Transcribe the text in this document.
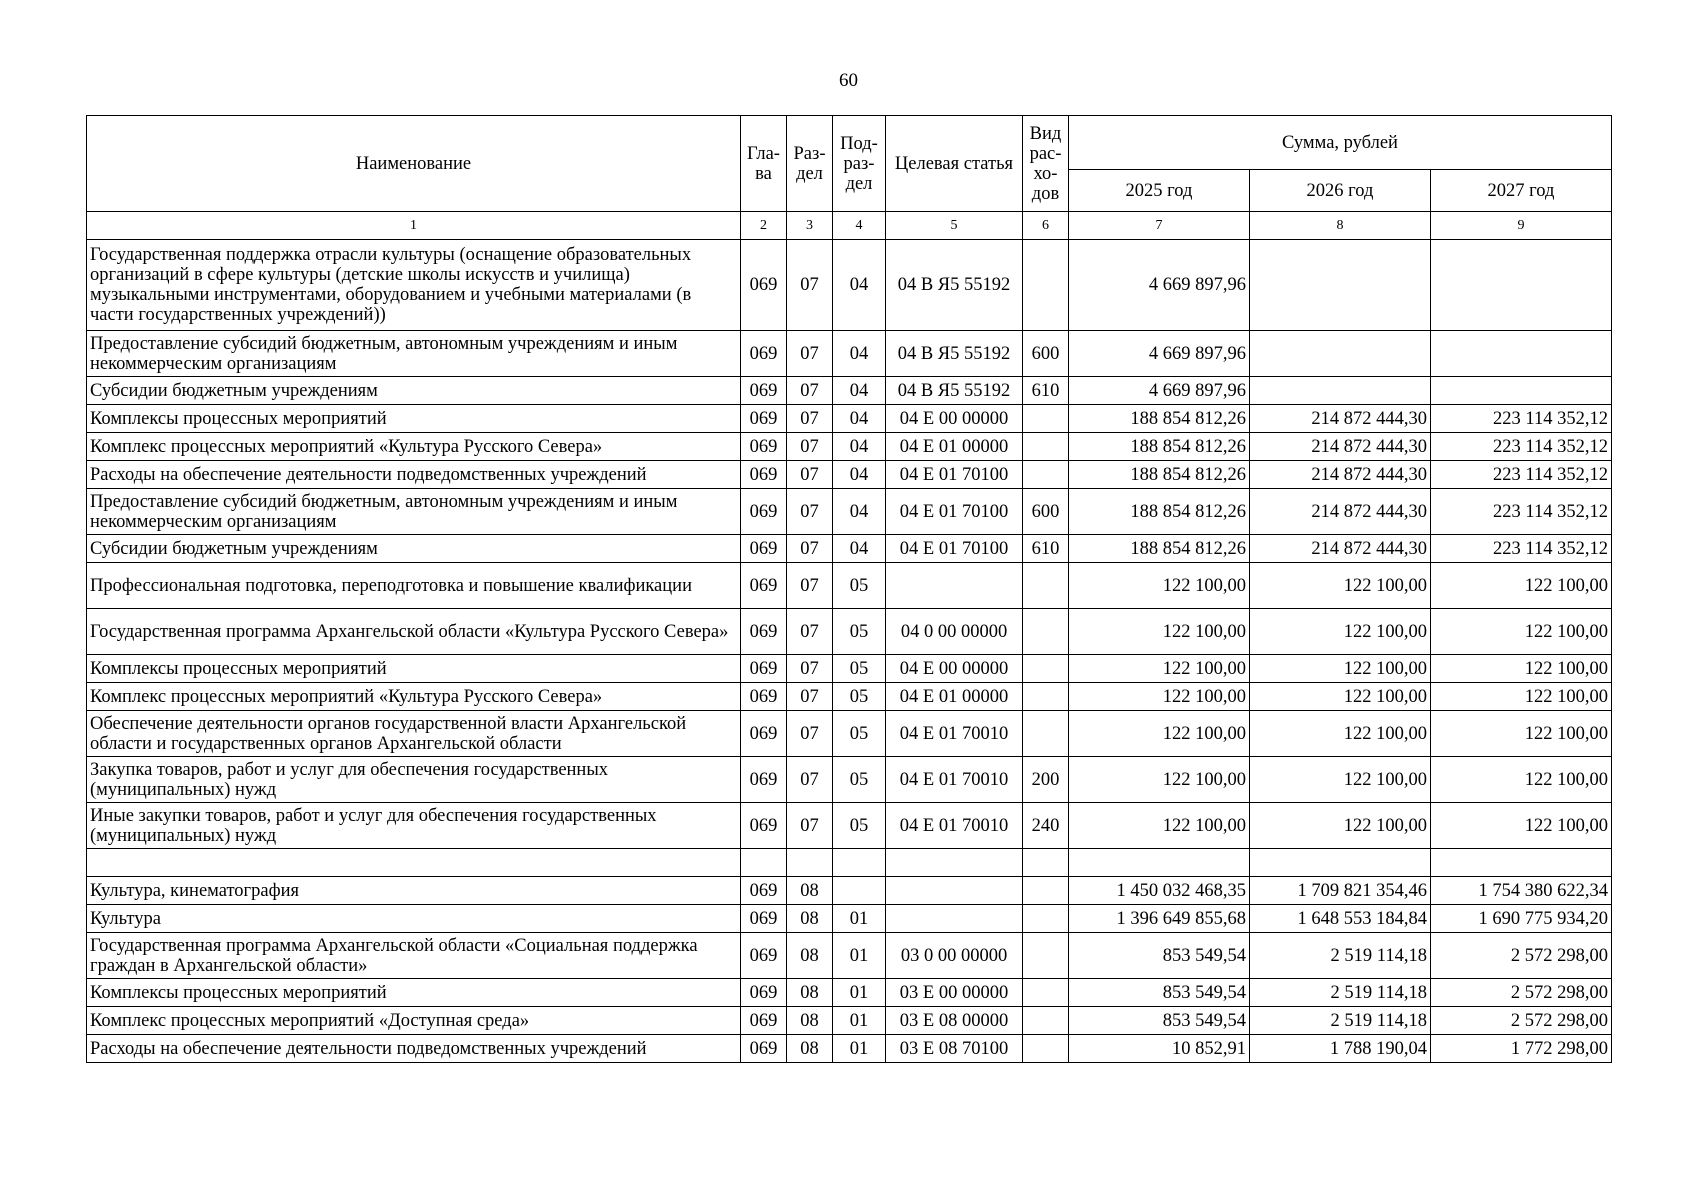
60
Наименование	Гла-ва	Раз-дел	Под-раз-дел	Целевая статья	Вид рас-хо-дов	Сумма, рублей		
						2025 год	2026 год	2027 год
1	2	3	4	5	6	7	8	9
Государственная поддержка отрасли культуры (оснащение образовательных организаций в сфере культуры (детские школы искусств и училища) музыкальными инструментами, оборудованием и учебными материалами (в части государственных учреждений))	069	07	04	04 В Я5 55192		4 669 897,96		
Предоставление субсидий бюджетным, автономным учреждениям и иным некоммерческим организациям	069	07	04	04 В Я5 55192	600	4 669 897,96		
Субсидии бюджетным учреждениям	069	07	04	04 В Я5 55192	610	4 669 897,96		
Комплексы процессных мероприятий	069	07	04	04 Е 00 00000		188 854 812,26	214 872 444,30	223 114 352,12
Комплекс процессных мероприятий «Культура Русского Севера»	069	07	04	04 Е 01 00000		188 854 812,26	214 872 444,30	223 114 352,12
Расходы на обеспечение деятельности подведомственных учреждений	069	07	04	04 Е 01 70100		188 854 812,26	214 872 444,30	223 114 352,12
Предоставление субсидий бюджетным, автономным учреждениям и иным некоммерческим организациям	069	07	04	04 Е 01 70100	600	188 854 812,26	214 872 444,30	223 114 352,12
Субсидии бюджетным учреждениям	069	07	04	04 Е 01 70100	610	188 854 812,26	214 872 444,30	223 114 352,12
Профессиональная подготовка, переподготовка и повышение квалификации	069	07	05			122 100,00	122 100,00	122 100,00
Государственная программа Архангельской области «Культура Русского Севера»	069	07	05	04 0 00 00000		122 100,00	122 100,00	122 100,00
Комплексы процессных мероприятий	069	07	05	04 Е 00 00000		122 100,00	122 100,00	122 100,00
Комплекс процессных мероприятий «Культура Русского Севера»	069	07	05	04 Е 01 00000		122 100,00	122 100,00	122 100,00
Обеспечение деятельности органов государственной власти Архангельской области и государственных органов Архангельской области	069	07	05	04 Е 01 70010		122 100,00	122 100,00	122 100,00
Закупка товаров, работ и услуг для обеспечения государственных (муниципальных) нужд	069	07	05	04 Е 01 70010	200	122 100,00	122 100,00	122 100,00
Иные закупки товаров, работ и услуг для обеспечения государственных (муниципальных) нужд	069	07	05	04 Е 01 70010	240	122 100,00	122 100,00	122 100,00

Культура, кинематография	069	08				1 450 032 468,35	1 709 821 354,46	1 754 380 622,34
Культура	069	08	01			1 396 649 855,68	1 648 553 184,84	1 690 775 934,20
Государственная программа Архангельской области «Социальная поддержка граждан в Архангельской области»	069	08	01	03 0 00 00000		853 549,54	2 519 114,18	2 572 298,00
Комплексы процессных мероприятий	069	08	01	03 Е 00 00000		853 549,54	2 519 114,18	2 572 298,00
Комплекс процессных мероприятий «Доступная среда»	069	08	01	03 Е 08 00000		853 549,54	2 519 114,18	2 572 298,00
Расходы на обеспечение деятельности подведомственных учреждений	069	08	01	03 Е 08 70100		10 852,91	1 788 190,04	1 772 298,00
